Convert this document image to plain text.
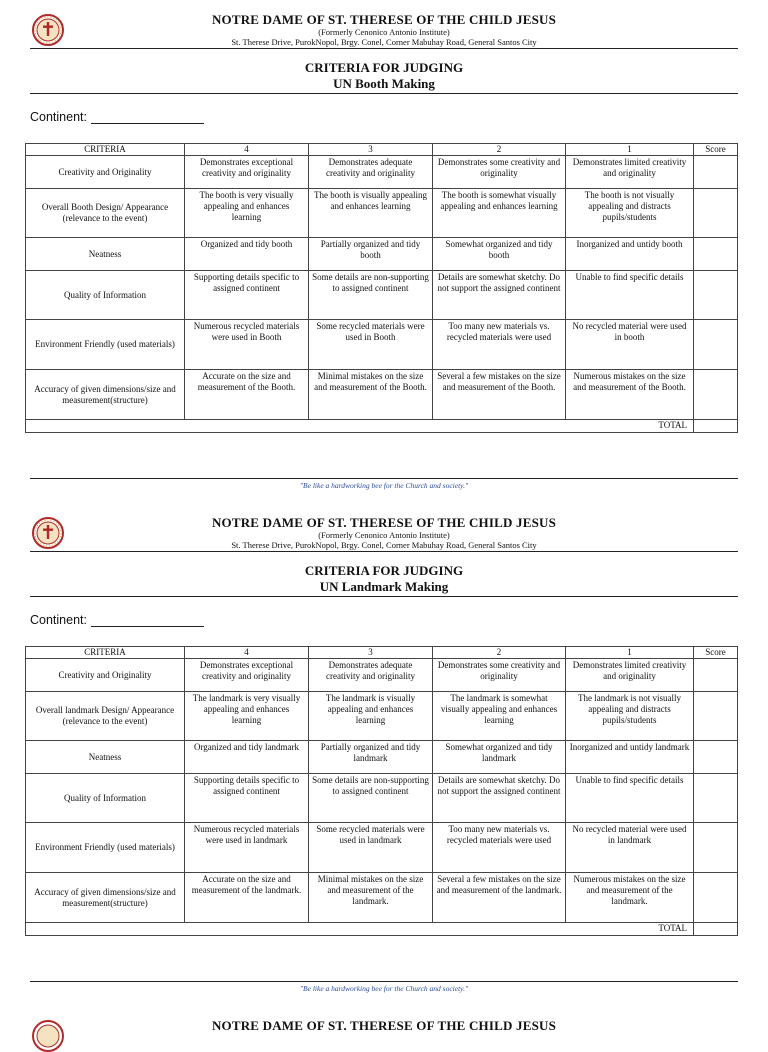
NOTRE DAME OF ST. THERESE OF THE CHILD JESUS
(Formerly Cenonico Antonio Institute)
St. Therese Drive, PurokNopol, Brgy. Conel, Corner Mabuhay Road, General Santos City
CRITERIA FOR JUDGING
UN Booth Making
Continent:
CRITERIA	4	3	2	1	Score
Creativity and Originality	Demonstrates exceptional creativity and originality	Demonstrates adequate creativity and originality	Demonstrates some creativity and originality	Demonstrates limited creativity and originality	
Overall Booth Design/ Appearance (relevance to the event)	The booth is very visually appealing and enhances learning	The booth is visually appealing and enhances learning	The booth is somewhat visually appealing and enhances learning	The booth is not visually appealing and distracts pupils/students	
Neatness	Organized and tidy booth	Partially organized and tidy booth	Somewhat organized and tidy booth	Inorganized and untidy booth	
Quality of Information	Supporting details specific to assigned continent	Some details are non-supporting to assigned continent	Details are somewhat sketchy. Do not support the assigned continent	Unable to find specific details	
Environment Friendly (used materials)	Numerous recycled materials were used in Booth	Some recycled materials were used in Booth	Too many new materials vs. recycled materials were used	No recycled material were used in booth	
Accuracy of given dimensions/size and measurement(structure)	Accurate on the size and measurement of the Booth.	Minimal mistakes on the size and measurement of the Booth.	Several a few mistakes on the size and measurement of the Booth.	Numerous mistakes on the size and measurement of the Booth.	
TOTAL					
"Be like a hardworking bee for the Church and society."
NOTRE DAME OF ST. THERESE OF THE CHILD JESUS
(Formerly Cenonico Antonio Institute)
St. Therese Drive, PurokNopol, Brgy. Conel, Corner Mabuhay Road, General Santos City
CRITERIA FOR JUDGING
UN Landmark Making
Continent:
CRITERIA	4	3	2	1	Score
Creativity and Originality	Demonstrates exceptional creativity and originality	Demonstrates adequate creativity and originality	Demonstrates some creativity and originality	Demonstrates limited creativity and originality	
Overall landmark Design/ Appearance (relevance to the event)	The landmark is very visually appealing and enhances learning	The landmark is visually appealing and enhances learning	The landmark is somewhat visually appealing and enhances learning	The landmark is not visually appealing and distracts pupils/students	
Neatness	Organized and tidy landmark	Partially organized and tidy landmark	Somewhat organized and tidy landmark	Inorganized and untidy landmark	
Quality of Information	Supporting details specific to assigned continent	Some details are non-supporting to assigned continent	Details are somewhat sketchy. Do not support the assigned continent	Unable to find specific details	
Environment Friendly (used materials)	Numerous recycled materials were used in landmark	Some recycled materials were used in landmark	Too many new materials vs. recycled materials were used	No recycled material were used in landmark	
Accuracy of given dimensions/size and measurement(structure)	Accurate on the size and measurement of the landmark.	Minimal mistakes on the size and measurement of the landmark.	Several a few mistakes on the size and measurement of the landmark.	Numerous mistakes on the size and measurement of the landmark.	
TOTAL					
"Be like a hardworking bee for the Church and society."
NOTRE DAME OF ST. THERESE OF THE CHILD JESUS
